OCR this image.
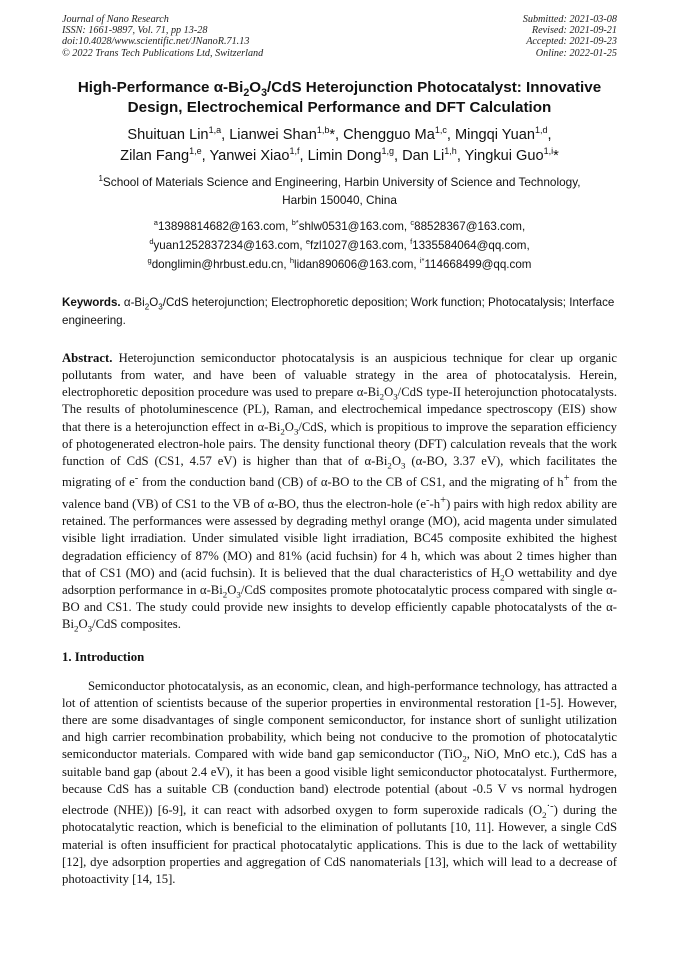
Journal of Nano Research
ISSN: 1661-9897, Vol. 71, pp 13-28
doi:10.4028/www.scientific.net/JNanoR.71.13
© 2022 Trans Tech Publications Ltd, Switzerland
Submitted: 2021-03-08
Revised: 2021-09-21
Accepted: 2021-09-23
Online: 2022-01-25
High-Performance $\alpha-Bi_2O_3$/CdS Heterojunction Photocatalyst: Innovative
Design, Electrochemical Performance and DFT Calculation
Shuituan Lin$^{1,a}$, Lianwei Shan$^{1,b}$*, Chengguo Ma$^{1,c}$, Mingqi Yuan$^{1,d}$,
Zilan Fang$^{1,e}$, Yanwei Xiao$^{1,f}$, Limin Dong$^{1,g}$, Dan Li$^{1,h}$, Yingkui Guo$^{1,i}$*
$^1$School of Materials Science and Engineering, Harbin University of Science and Technology,
Harbin 150040, China
$^a$13898814682@163.com, $^{b*}$shlw0531@163.com, $^c$88528367@163.com,
$^d$yuan1252837234@163.com, $^e$fzl1027@163.com, $^f$1335584064@qq.com,
$^g$donglimin@hrbust.edu.cn, $^h$lidan890606@163.com, $^{i*}$114668499@qq.com
Keywords. $\alpha-Bi_2O_3$/CdS heterojunction; Electrophoretic deposition; Work function; Photocatalysis; Interface engineering.
Abstract. Heterojunction semiconductor photocatalysis is an auspicious technique for clear up organic pollutants from water, and have been of valuable strategy in the area of photocatalysis. Herein, electrophoretic deposition procedure was used to prepare $\alpha-Bi_2O_3$/CdS type-II heterojunction photocatalysts. The results of photoluminescence (PL), Raman, and electrochemical impedance spectroscopy (EIS) show that there is a heterojunction effect in $\alpha-Bi_2O_3$/CdS, which is propitious to improve the separation efficiency of photogenerated electron-hole pairs. The density functional theory (DFT) calculation reveals that the work function of CdS (CS1, 4.57 eV) is higher than that of $\alpha-Bi_2O_3$ (α-BO, 3.37 eV), which facilitates the migrating of e- from the conduction band (CB) of α-BO to the CB of CS1, and the migrating of h+ from the valence band (VB) of CS1 to the VB of α-BO, thus the electron-hole (e--h+) pairs with high redox ability are retained. The performances were assessed by degrading methyl orange (MO), acid magenta under simulated visible light irradiation. Under simulated visible light irradiation, BC45 composite exhibited the highest degradation efficiency of 87% (MO) and 81% (acid fuchsin) for 4 h, which was about 2 times higher than that of CS1 (MO) and (acid fuchsin). It is believed that the dual characteristics of $H_2O$ wettability and dye adsorption performance in $\alpha-Bi_2O_3$/CdS composites promote photocatalytic process compared with single α-BO and CS1. The study could provide new insights to develop efficiently capable photocatalysts of the $\alpha-Bi_2O_3$/CdS composites.
1. Introduction
Semiconductor photocatalysis, as an economic, clean, and high-performance technology, has attracted a lot of attention of scientists because of the superior properties in environmental restoration [1-5]. However, there are some disadvantages of single component semiconductor, for instance short of sunlight utilization and high carrier recombination probability, which being not conducive to the promotion of photocatalytic semiconductor materials. Compared with wide band gap semiconductor (TiO$_2$, NiO, MnO etc.), CdS has a suitable band gap (about 2.4 eV), it has been a good visible light semiconductor photocatalyst. Furthermore, because CdS has a suitable CB (conduction band) electrode potential (about -0.5 V vs normal hydrogen electrode (NHE)) [6-9], it can react with adsorbed oxygen to form superoxide radicals $(O_2^{\cdot-})$ during the photocatalytic reaction, which is beneficial to the elimination of pollutants [10, 11]. However, a single CdS material is often insufficient for practical photocatalytic applications. This is due to the lack of wettability [12], dye adsorption properties and aggregation of CdS nanomaterials [13], which will lead to a decrease of photoactivity [14, 15].
